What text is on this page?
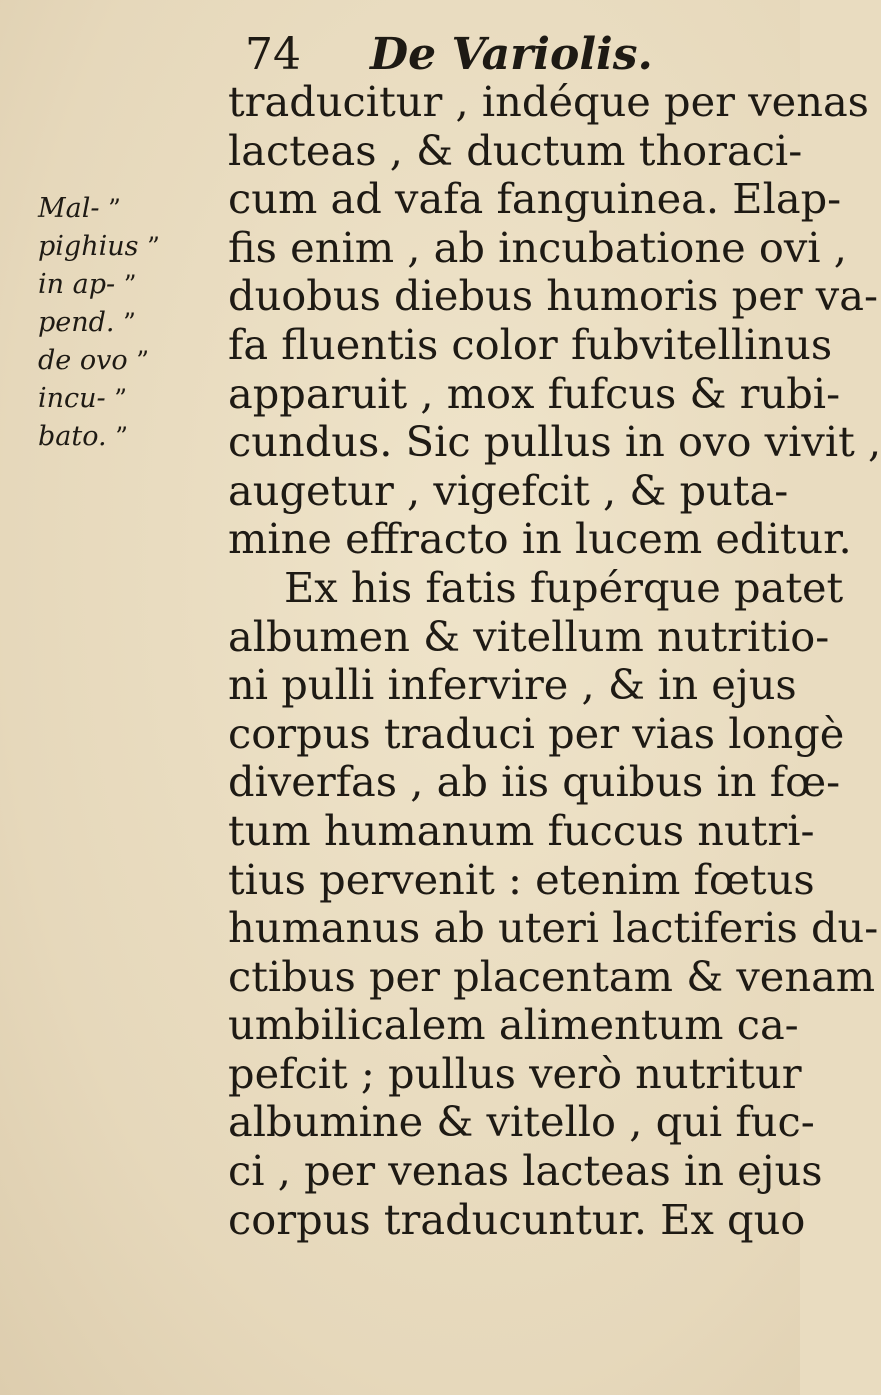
74 De Variolis.
traducitur , indéque per venas
lacteas , & ductum thoraci-
cum ad vafa fanguinea. Elap-
fis enim , ab incubatione ovi ,
duobus diebus humoris per va-
fa fluentis color fubvitellinus
apparuit , mox fufcus & rubi-
cundus. Sic pullus in ovo vivit ,
augetur , vigefcit , & puta-
mine effracto in lucem editur.
Ex his fatis fupérque patet
albumen & vitellum nutritio-
ni pulli infervire , & in ejus
corpus traduci per vias longè
diverfas , ab iis quibus in fœ-
tum humanum fuccus nutri-
tius pervenit : etenim fœtus
humanus ab uteri lactiferis du-
ctibus per placentam & venam
umbilicalem alimentum ca-
pefcit ; pullus verò nutritur
albumine & vitello , qui fuc-
ci , per venas lacteas in ejus
corpus traducuntur. Ex quo
Mal- ”
pighius ”
in ap- ”
pend. ”
de ovo ”
incu- ”
bato. ”
